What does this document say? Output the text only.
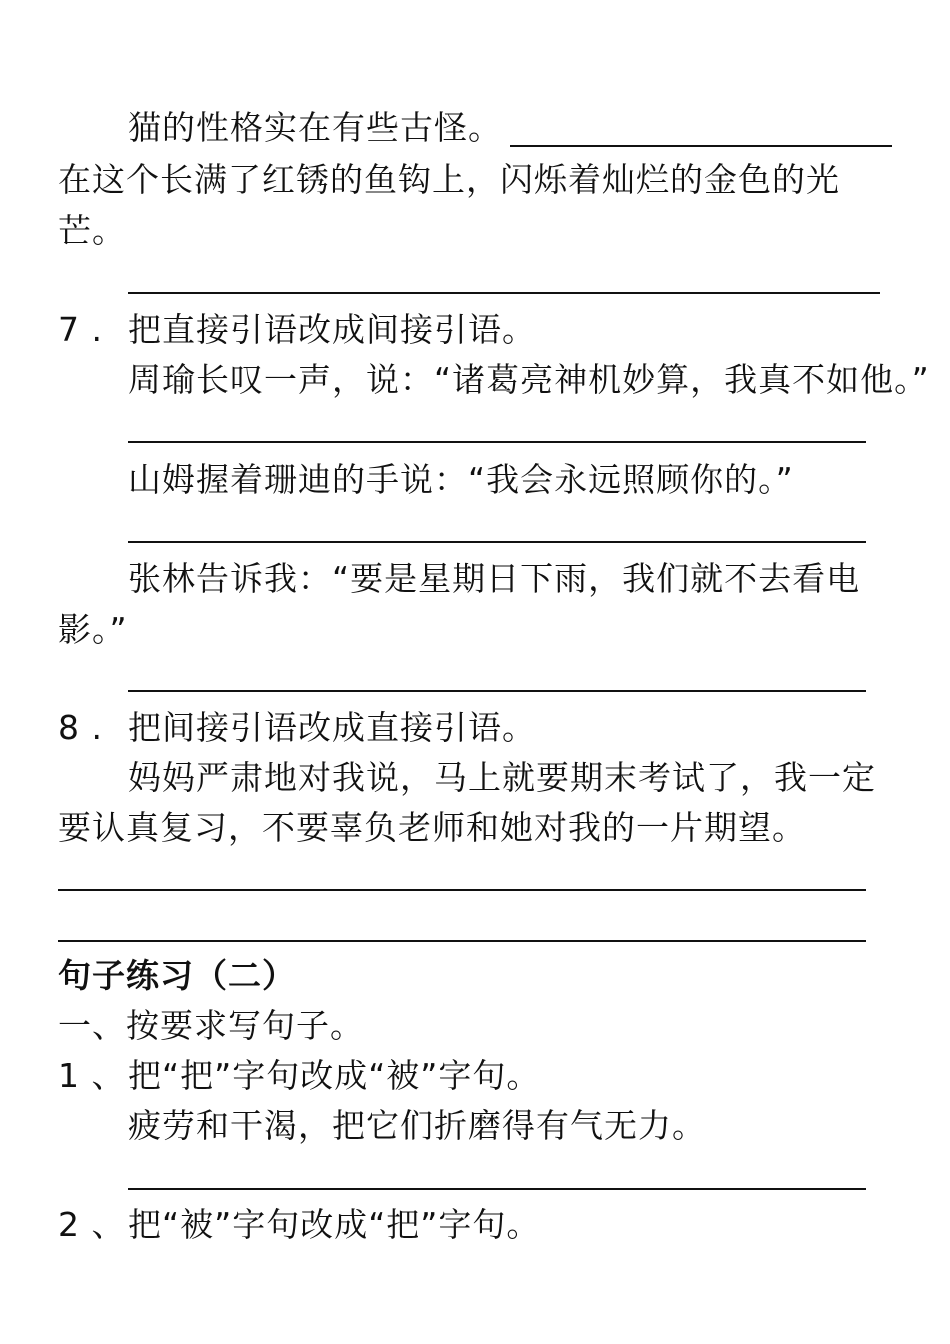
猫的性格实在有些古怪。
在这个长满了红锈的鱼钩上，闪烁着灿烂的金色的光
芒。
7 . 把直接引语改成间接引语。
周瑜长叹一声，说：“诸葛亮神机妙算，我真不如他。”
山姆握着珊迪的手说：“我会永远照顾你的。”
张林告诉我：“要是星期日下雨，我们就不去看电
影。”
8 . 把间接引语改成直接引语。
妈妈严肃地对我说，马上就要期末考试了，我一定
要认真复习，不要辜负老师和她对我的一片期望。
句子练习（二）
一、按要求写句子。
1 、把“把”字句改成“被”字句。
疲劳和干渴，把它们折磨得有气无力。
2 、把“被”字句改成“把”字句。
